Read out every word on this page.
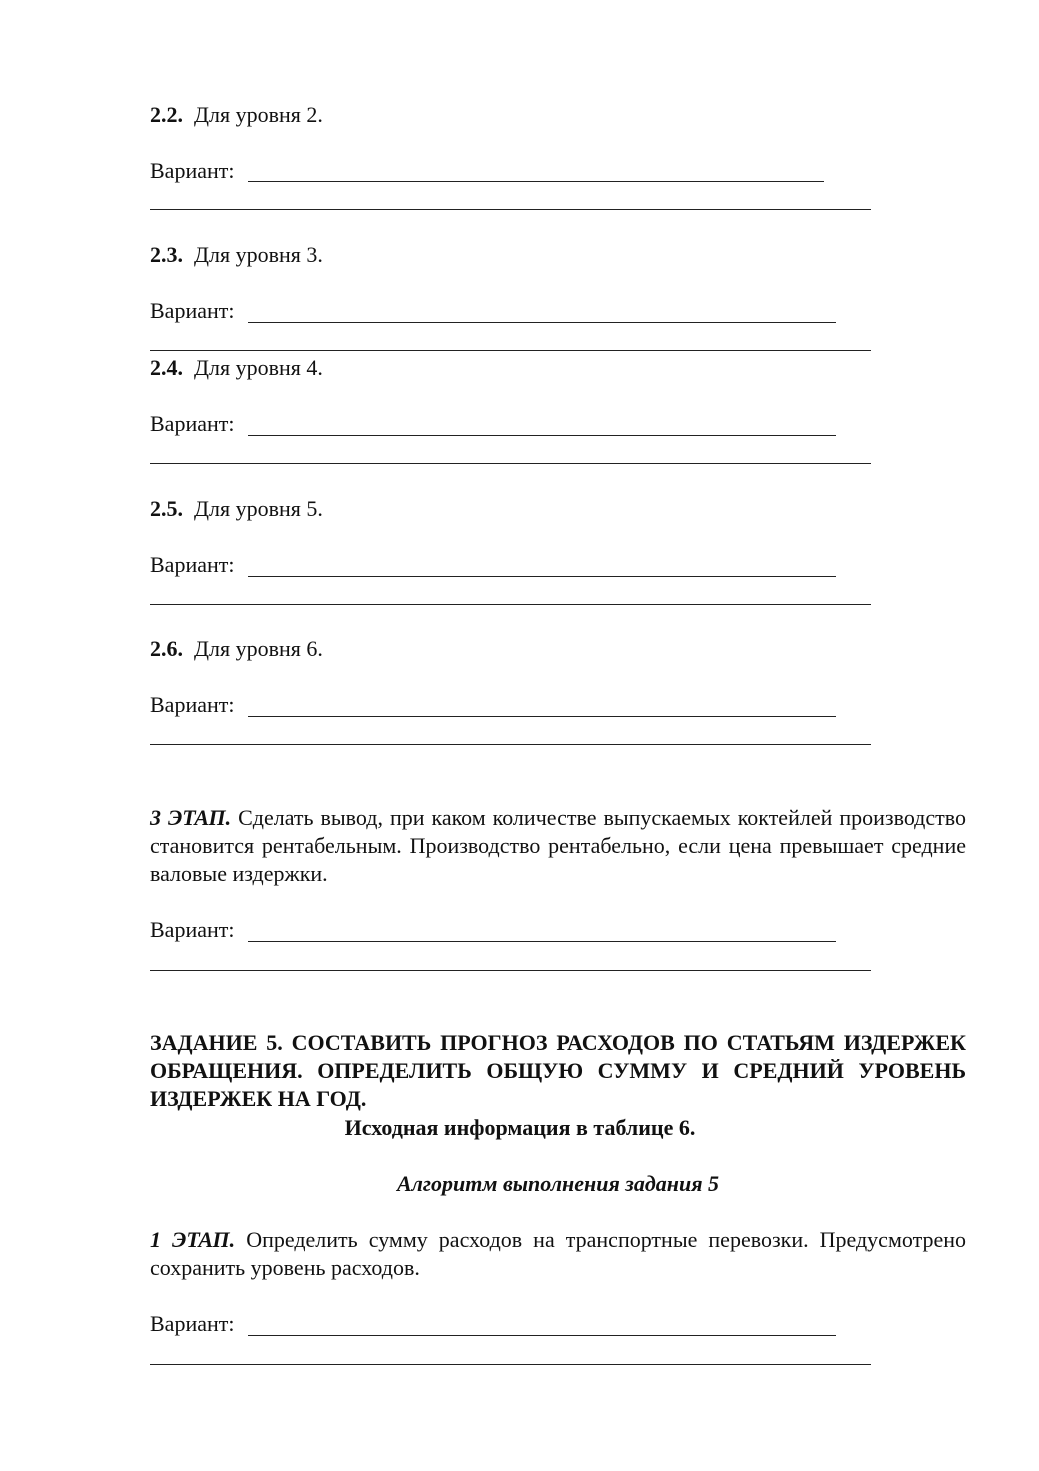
2.2. Для уровня 2.
Вариант:
2.3. Для уровня 3.
Вариант:
2.4. Для уровня 4.
Вариант:
2.5. Для уровня 5.
Вариант:
2.6. Для уровня 6.
Вариант:
3 ЭТАП. Сделать вывод, при каком количестве выпускаемых коктейлей производство становится рентабельным. Производство рентабельно, если цена превышает средние валовые издержки.
Вариант:
ЗАДАНИЕ 5. СОСТАВИТЬ ПРОГНОЗ РАСХОДОВ ПО СТАТЬЯМ ИЗДЕРЖЕК ОБРАЩЕНИЯ. ОПРЕДЕЛИТЬ ОБЩУЮ СУММУ И СРЕДНИЙ УРОВЕНЬ ИЗДЕРЖЕК НА ГОД.
Исходная информация в таблице 6.
Алгоритм выполнения задания 5
1 ЭТАП. Определить сумму расходов на транспортные перевозки. Предусмотрено сохранить уровень расходов.
Вариант:
